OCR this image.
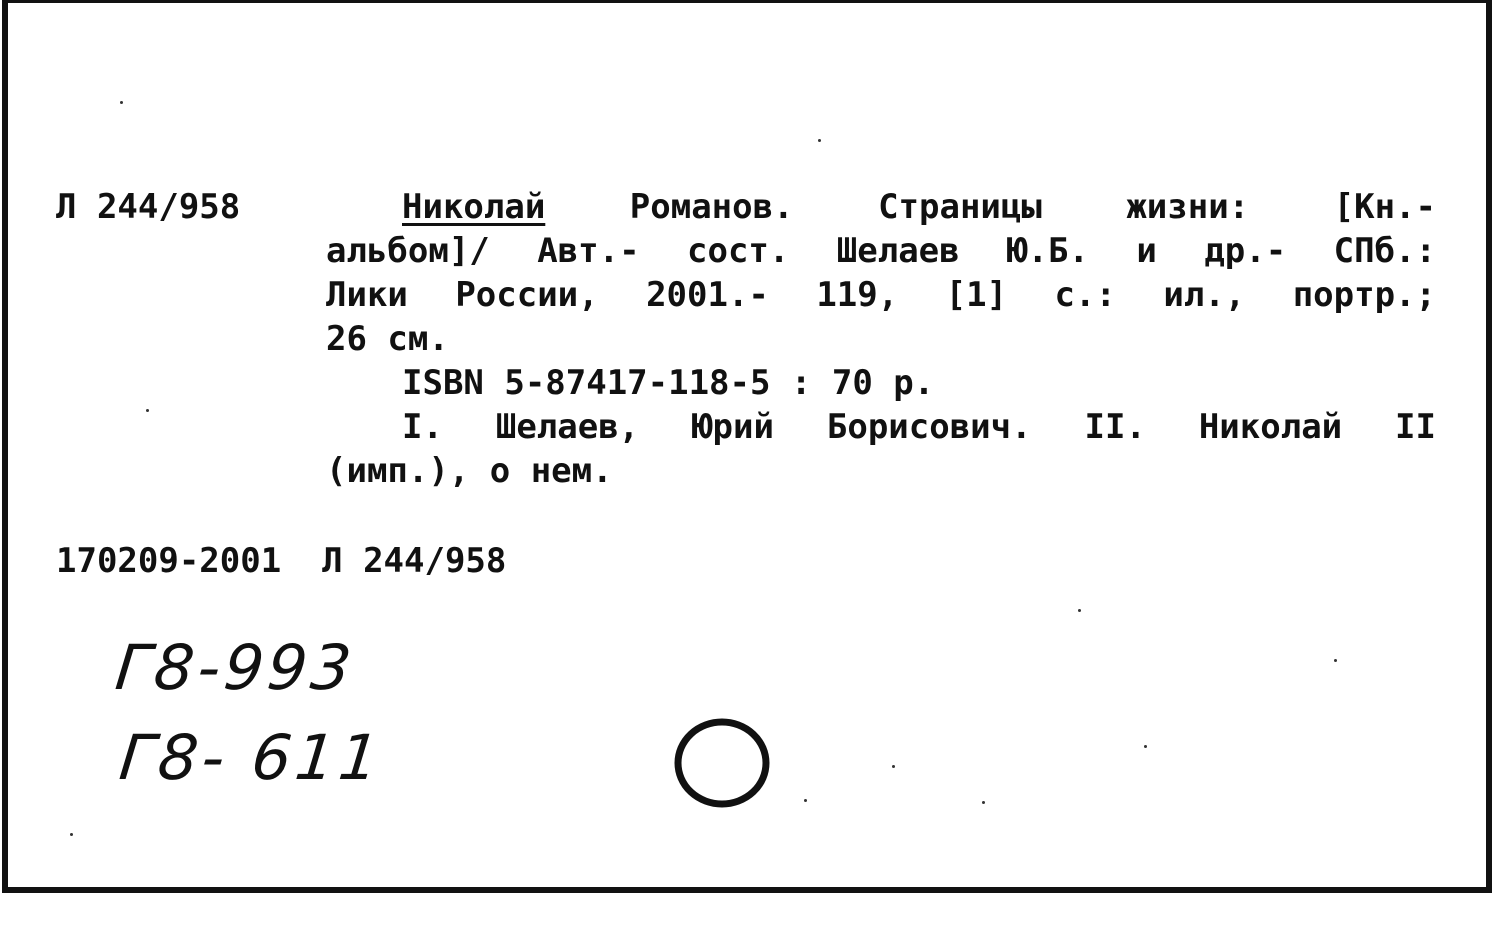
Л 244/958	Николай Романов. Страницы жизни: [Кн.-
альбом]/ Авт.- сост. Шелаев Ю.Б. и др.- СПб.:
Лики России, 2001.- 119, [1] с.: ил., портр.;
26 см.
ISBN 5-87417-118-5 : 70 р.
I. Шелаев, Юрий Борисович. II. Николай II
(имп.), о нем.
170209-2001 Л 244/958
Г8-993
Г8- 611
